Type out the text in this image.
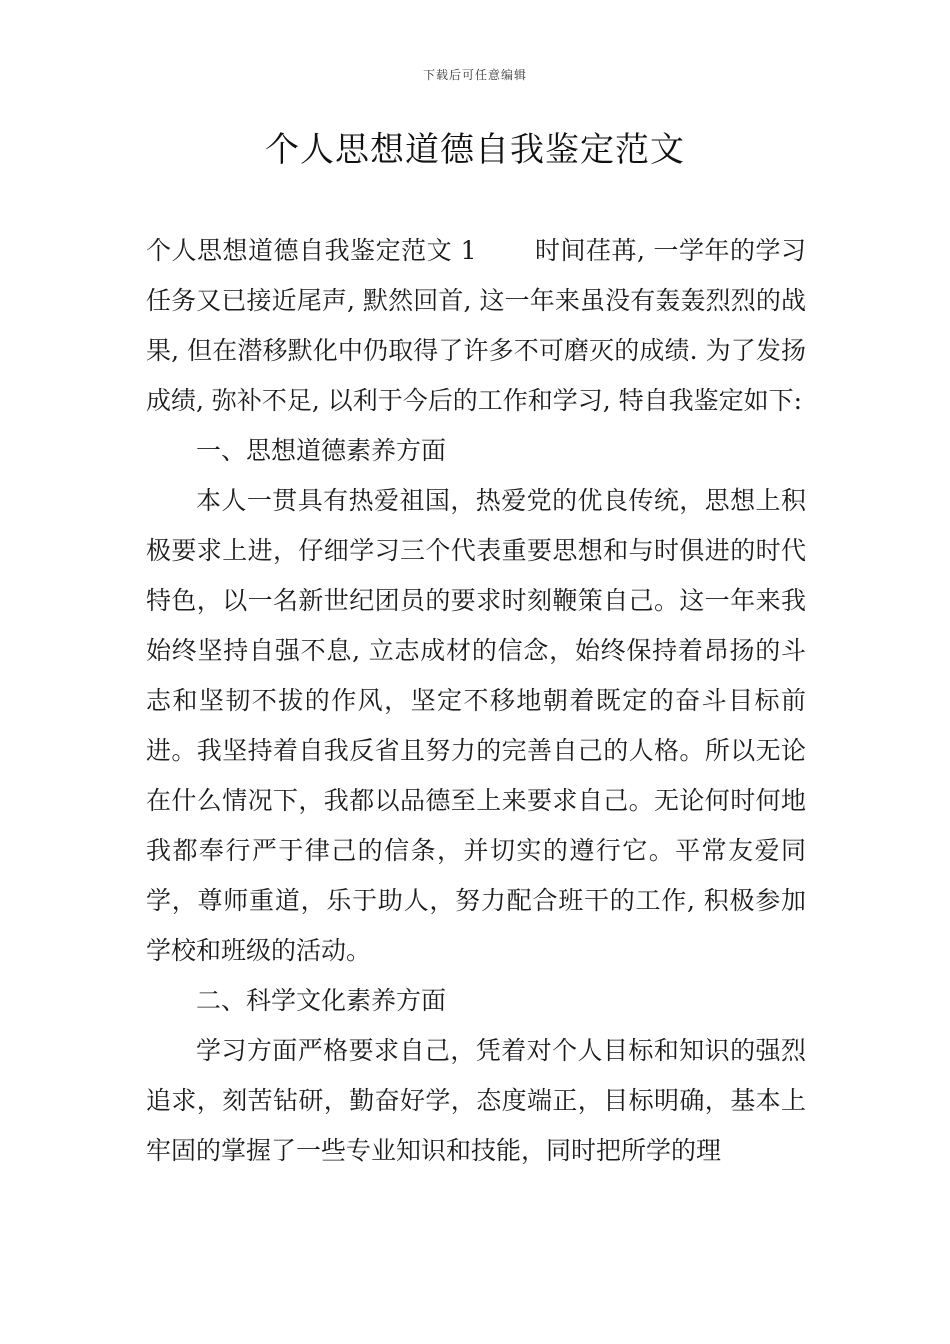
下载后可任意编辑
个人思想道德自我鉴定范文

个人思想道德自我鉴定范文 1 时间荏苒, 一学年的学习任务又已接近尾声, 默然回首, 这一年来虽没有轰轰烈烈的战果, 但在潜移默化中仍取得了许多不可磨灭的成绩. 为了发扬成绩, 弥补不足, 以利于今后的工作和学习, 特自我鉴定如下:

一、思想道德素养方面

本人一贯具有热爱祖国，热爱党的优良传统，思想上积极要求上进，仔细学习三个代表重要思想和与时俱进的时代特色，以一名新世纪团员的要求时刻鞭策自己。这一年来我始终坚持自强不息, 立志成材的信念，始终保持着昂扬的斗志和坚韧不拔的作风，坚定不移地朝着既定的奋斗目标前进。我坚持着自我反省且努力的完善自己的人格。所以无论在什么情况下，我都以品德至上来要求自己。无论何时何地我都奉行严于律己的信条，并切实的遵行它。平常友爱同学，尊师重道，乐于助人，努力配合班干的工作, 积极参加学校和班级的活动。

二、科学文化素养方面

学习方面严格要求自己，凭着对个人目标和知识的强烈追求，刻苦钻研，勤奋好学，态度端正，目标明确，基本上牢固的掌握了一些专业知识和技能，同时把所学的理
